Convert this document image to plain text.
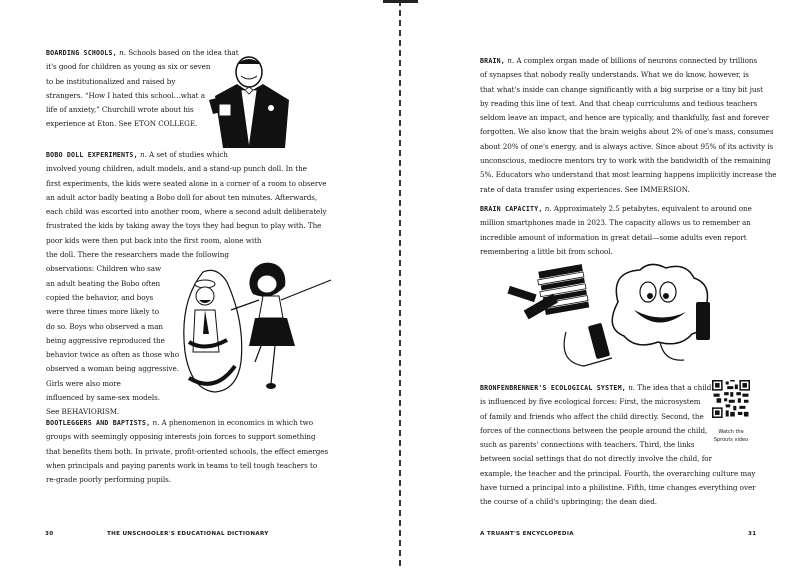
BOARDING SCHOOLS, n. Schools based on the idea that
it's good for children as young as six or seven
to be institutionalized and raised by
strangers. “How I hated this school…what a
life of anxiety,” Churchill wrote about his
experience at Eton. See ETON COLLEGE.
BOBO DOLL EXPERIMENTS, n. A set of studies which
involved young children, adult models, and a stand-up punch doll. In the
first experiments, the kids were seated alone in a corner of a room to observe
an adult actor badly beating a Bobo doll for about ten minutes. Afterwards,
each child was escorted into another room, where a second adult deliberately
frustrated the kids by taking away the toys they had begun to play with. The
poor kids were then put back into the first room, alone with
the doll. There the researchers made the following
observations: Children who saw
an adult beating the Bobo often
copied the behavior, and boys
were three times more likely to
do so. Boys who observed a man
being aggressive reproduced the
behavior twice as often as those who
observed a woman being aggressive.
Girls were also more
influenced by same-sex models.
See BEHAVIORISM.
BOOTLEGGERS AND BAPTISTS, n. A phenomenon in economics in which two
groups with seemingly opposing interests join forces to support something
that benefits them both. In private, profit-oriented schools, the effect emerges
when principals and paying parents work in teams to tell tough teachers to
re-grade poorly performing pupils.
30	THE UNSCHOOLER'S EDUCATIONAL DICTIONARY
BRAIN, n. A complex organ made of billions of neurons connected by trillions
of synapses that nobody really understands. What we do know, however, is
that what's inside can change significantly with a big surprise or a tiny bit just
by reading this line of text. And that cheap curriculums and tedious teachers
seldom leave an impact, and hence are typically, and thankfully, fast and forever
forgotten. We also know that the brain weighs about 2% of one's mass, consumes
about 20% of one's energy, and is always active. Since about 95% of its activity is
unconscious, mediocre mentors try to work with the bandwidth of the remaining
5%. Educators who understand that most learning happens implicitly increase the
rate of data transfer using experiences. See IMMERSION.
BRAIN CAPACITY, n. Approximately 2.5 petabytes, equivalent to around one
million smartphones made in 2023. The capacity allows us to remember an
incredible amount of information in great detail—some adults even report
remembering a little bit from school.
BRONFENBRENNER'S ECOLOGICAL SYSTEM, n. The idea that a child
is influenced by five ecological forces: First, the microsystem
of family and friends who affect the child directly. Second, the
forces of the connections between the people around the child,
such as parents' connections with teachers. Third, the links
between social settings that do not directly involve the child, for
example, the teacher and the principal. Fourth, the overarching culture may
have turned a principal into a philistine. Fifth, time changes everything over
the course of a child's upbringing; the dean died.
A TRUANT'S ENCYCLOPEDIA	31
Watch the
Sprouts video
